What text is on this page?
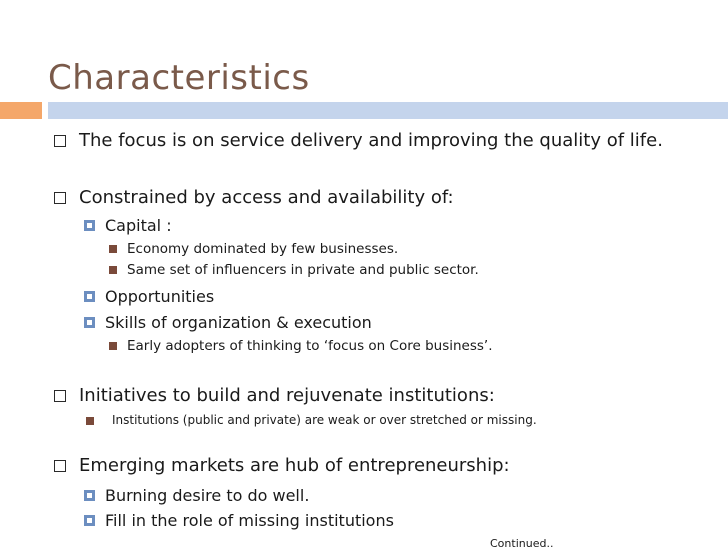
Characteristics
The focus is on service delivery and improving the quality of life.
Constrained by access and availability of:
Capital :
Economy dominated by few businesses.
Same set of influencers in private and public sector.
Opportunities
Skills of organization & execution
Early adopters of thinking to ‘focus on Core business’.
Initiatives to build and rejuvenate institutions:
Institutions (public and private) are weak or over stretched or missing.
Emerging markets are hub of entrepreneurship:
Burning desire to do well.
Fill in the role of missing institutions
Continued..
